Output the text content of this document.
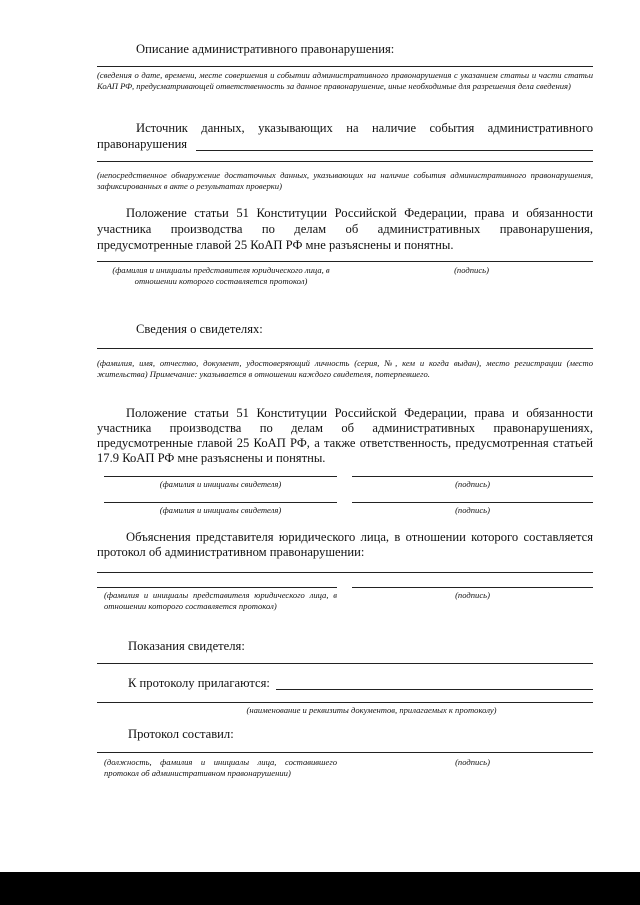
Описание административного правонарушения:
(сведения о дате, времени, месте совершения и событии административного правонарушения с указанием статьи и части статьи КоАП РФ, предусматривающей ответственность за данное правонарушение, иные необходимые для разрешения дела сведения)
Источник данных, указывающих на наличие события административного
правонарушения
(непосредственное обнаружение достаточных данных, указывающих на наличие события административного правонарушения, зафиксированных в акте о результатах проверки)
Положение статьи 51 Конституции Российской Федерации, права и обязанности
участника производства по делам об административных правонарушения,
предусмотренные главой 25 КоАП РФ мне разъяснены и понятны.
(фамилия и инициалы представителя юридического лица, в отношении которого составляется протокол)
(подпись)
Сведения о свидетелях:
(фамилия, имя, отчество, документ, удостоверяющий личность (серия, №, кем и когда выдан), место регистрации (место жительства) Примечание: указывается в отношении каждого свидетеля, потерпевшего.
Положение статьи 51 Конституции Российской Федерации, права и обязанности
участника производства по делам об административных правонарушениях,
предусмотренные главой 25 КоАП РФ, а также ответственность, предусмотренная статьей
17.9 КоАП РФ мне разъяснены и понятны.
(фамилия и инициалы свидетеля)	(подпись)
(фамилия и инициалы свидетеля)	(подпись)
Объяснения представителя юридического лица, в отношении которого составляется
протокол об административном правонарушении:
(фамилия и инициалы представителя юридического лица, в отношении которого составляется протокол)
(подпись)
Показания свидетеля:
К протоколу прилагаются:
(наименование и реквизиты документов, прилагаемых к протоколу)
Протокол составил:
(должность, фамилия и инициалы лица, составившего протокол об административном правонарушении)
(подпись)
